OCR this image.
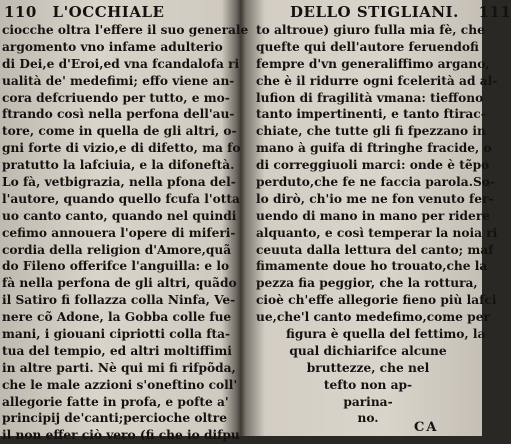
110 L'OCCHIALE
ciocche oltra l'effere il suo generale
argomento vno infame adulterio
di Dei,e d'Eroi,ed vna fcandalofa ri
ualità de' medefimi; effo viene an-
cora defcriuendo per tutto, e mo-
ftrando così nella perfona dell'au-
tore, come in quella de gli altri, o-
gni forte di vizio,e di difetto, ma fo
pratutto la lafciuia, e la difoneftà.
Lo fà, vetbigrazia, nella pfona del-
l'autore, quando quello fcufa l'otta
uo canto canto, quando nel quindi
cefimo annouera l'opere di miferi-
cordia della religion d'Amore,quã
do Fileno offerifce l'anguilla: e lo
fà nella perfona de gli altri, quãdo
il Satiro fi follazza colla Ninfa, Ve-
nere cõ Adone, la Gobba colle fue
mani, i giouani cipriotti colla fta-
tua del tempio, ed altri moltiffimi
in altre parti. Nè qui mi fi rifpõda,
che le male azzioni s'oneftino coll'
allegorie fatte in profa, e pofte a'
principij de'canti;percioche oltre
il non effer ciò vero (fi che io difpu
DELLO STIGLIANI. 111
to altroue) giuro fulla mia fè, che
quefte qui dell'autore feruendofi
fempre d'vn generaliffimo argano,
che è il ridurre ogni fcelerità ad al-
lufion di fragilità vmana: tieffono
tanto impertinenti, e tanto ftirac-
chiate, che tutte gli fi fpezzano in
mano à guifa di ftringhe fracide, o
di correggiuoli marci: onde è tẽpo
perduto,che fe ne faccia parola.So-
lo dirò, ch'io me ne fon venuto fer-
uendo di mano in mano per ridere
alquanto, e così temperar la noia ri
ceuuta dalla lettura del canto; maf
fimamente doue ho trouato,che la
pezza fia peggior, che la rottura,
cioè ch'effe allegorie fieno più lafci
ue,che'l canto medefimo,come per
figura è quella del fettimo, la
qual dichiarifce alcune
bruttezze, che nel
tefto non ap-
parina-
no.
CA
